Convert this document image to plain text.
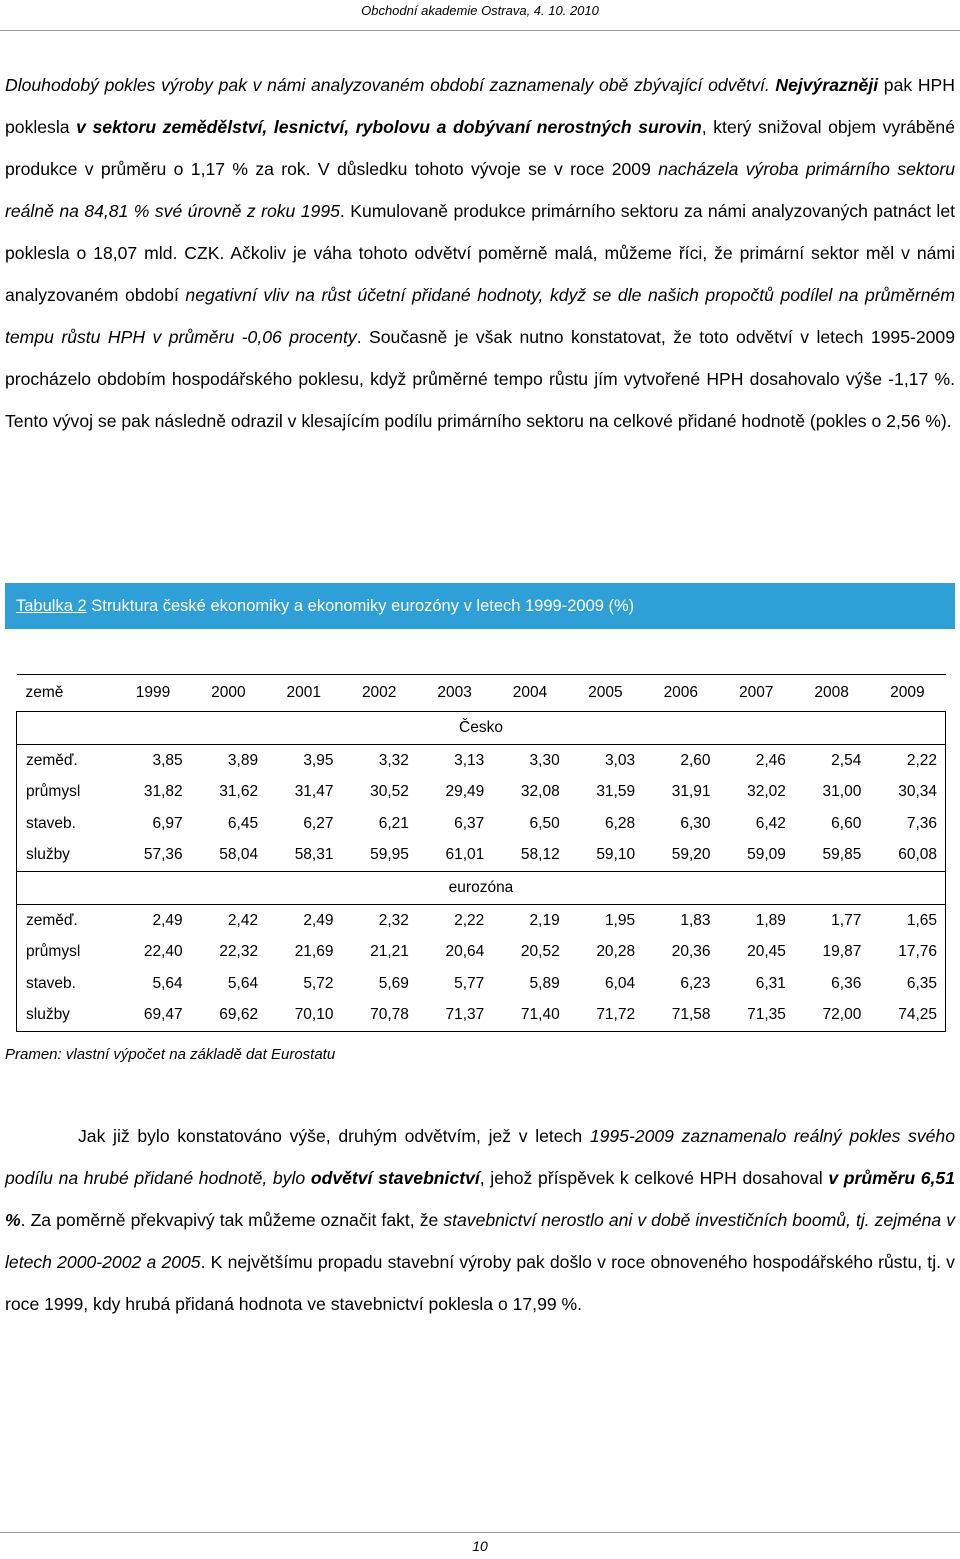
Obchodní akademie Ostrava, 4. 10. 2010

Dlouhodobý pokles výroby pak v námi analyzovaném období zaznamenaly obě zbývající odvětví. Nejvýrazněji pak HPH poklesla v sektoru zemědělství, lesnictví, rybolovu a dobývaní nerostných surovin, který snižoval objem vyráběné produkce v průměru o 1,17 % za rok. V důsledku tohoto vývoje se v roce 2009 nacházela výroba primárního sektoru reálně na 84,81 % své úrovně z roku 1995. Kumulovaně produkce primárního sektoru za námi analyzovaných patnáct let poklesla o 18,07 mld. CZK. Ačkoliv je váha tohoto odvětví poměrně malá, můžeme říci, že primární sektor měl v námi analyzovaném období negativní vliv na růst účetní přidané hodnoty, když se dle našich propočtů podílel na průměrném tempu růstu HPH v průměru -0,06 procenty. Současně je však nutno konstatovat, že toto odvětví v letech 1995-2009 procházelo obdobím hospodářského poklesu, když průměrné tempo růstu jím vytvořené HPH dosahovalo výše -1,17 %. Tento vývoj se pak následně odrazil v klesajícím podílu primárního sektoru na celkové přidané hodnotě (pokles o 2,56 %).

Tabulka 2 Struktura české ekonomiky a ekonomiky eurozóny v letech 1999-2009 (%)
země	1999	2000	2001	2002	2003	2004	2005	2006	2007	2008	2009
Česko											
zeměď.	3,85	3,89	3,95	3,32	3,13	3,30	3,03	2,60	2,46	2,54	2,22
průmysl	31,82	31,62	31,47	30,52	29,49	32,08	31,59	31,91	32,02	31,00	30,34
staveb.	6,97	6,45	6,27	6,21	6,37	6,50	6,28	6,30	6,42	6,60	7,36
služby	57,36	58,04	58,31	59,95	61,01	58,12	59,10	59,20	59,09	59,85	60,08
eurozóna											
zeměď.	2,49	2,42	2,49	2,32	2,22	2,19	1,95	1,83	1,89	1,77	1,65
průmysl	22,40	22,32	21,69	21,21	20,64	20,52	20,28	20,36	20,45	19,87	17,76
staveb.	5,64	5,64	5,72	5,69	5,77	5,89	6,04	6,23	6,31	6,36	6,35
služby	69,47	69,62	70,10	70,78	71,37	71,40	71,72	71,58	71,35	72,00	74,25
Pramen: vlastní výpočet na základě dat Eurostatu

Jak již bylo konstatováno výše, druhým odvětvím, jež v letech 1995-2009 zaznamenalo reálný pokles svého podílu na hrubé přidané hodnotě, bylo odvětví stavebnictví, jehož příspěvek k celkové HPH dosahoval v průměru 6,51 %. Za poměrně překvapivý tak můžeme označit fakt, že stavebnictví nerostlo ani v době investičních boomů, tj. zejména v letech 2000-2002 a 2005. K největšímu propadu stavební výroby pak došlo v roce obnoveného hospodářského růstu, tj. v roce 1999, kdy hrubá přidaná hodnota ve stavebnictví poklesla o 17,99 %.

10
